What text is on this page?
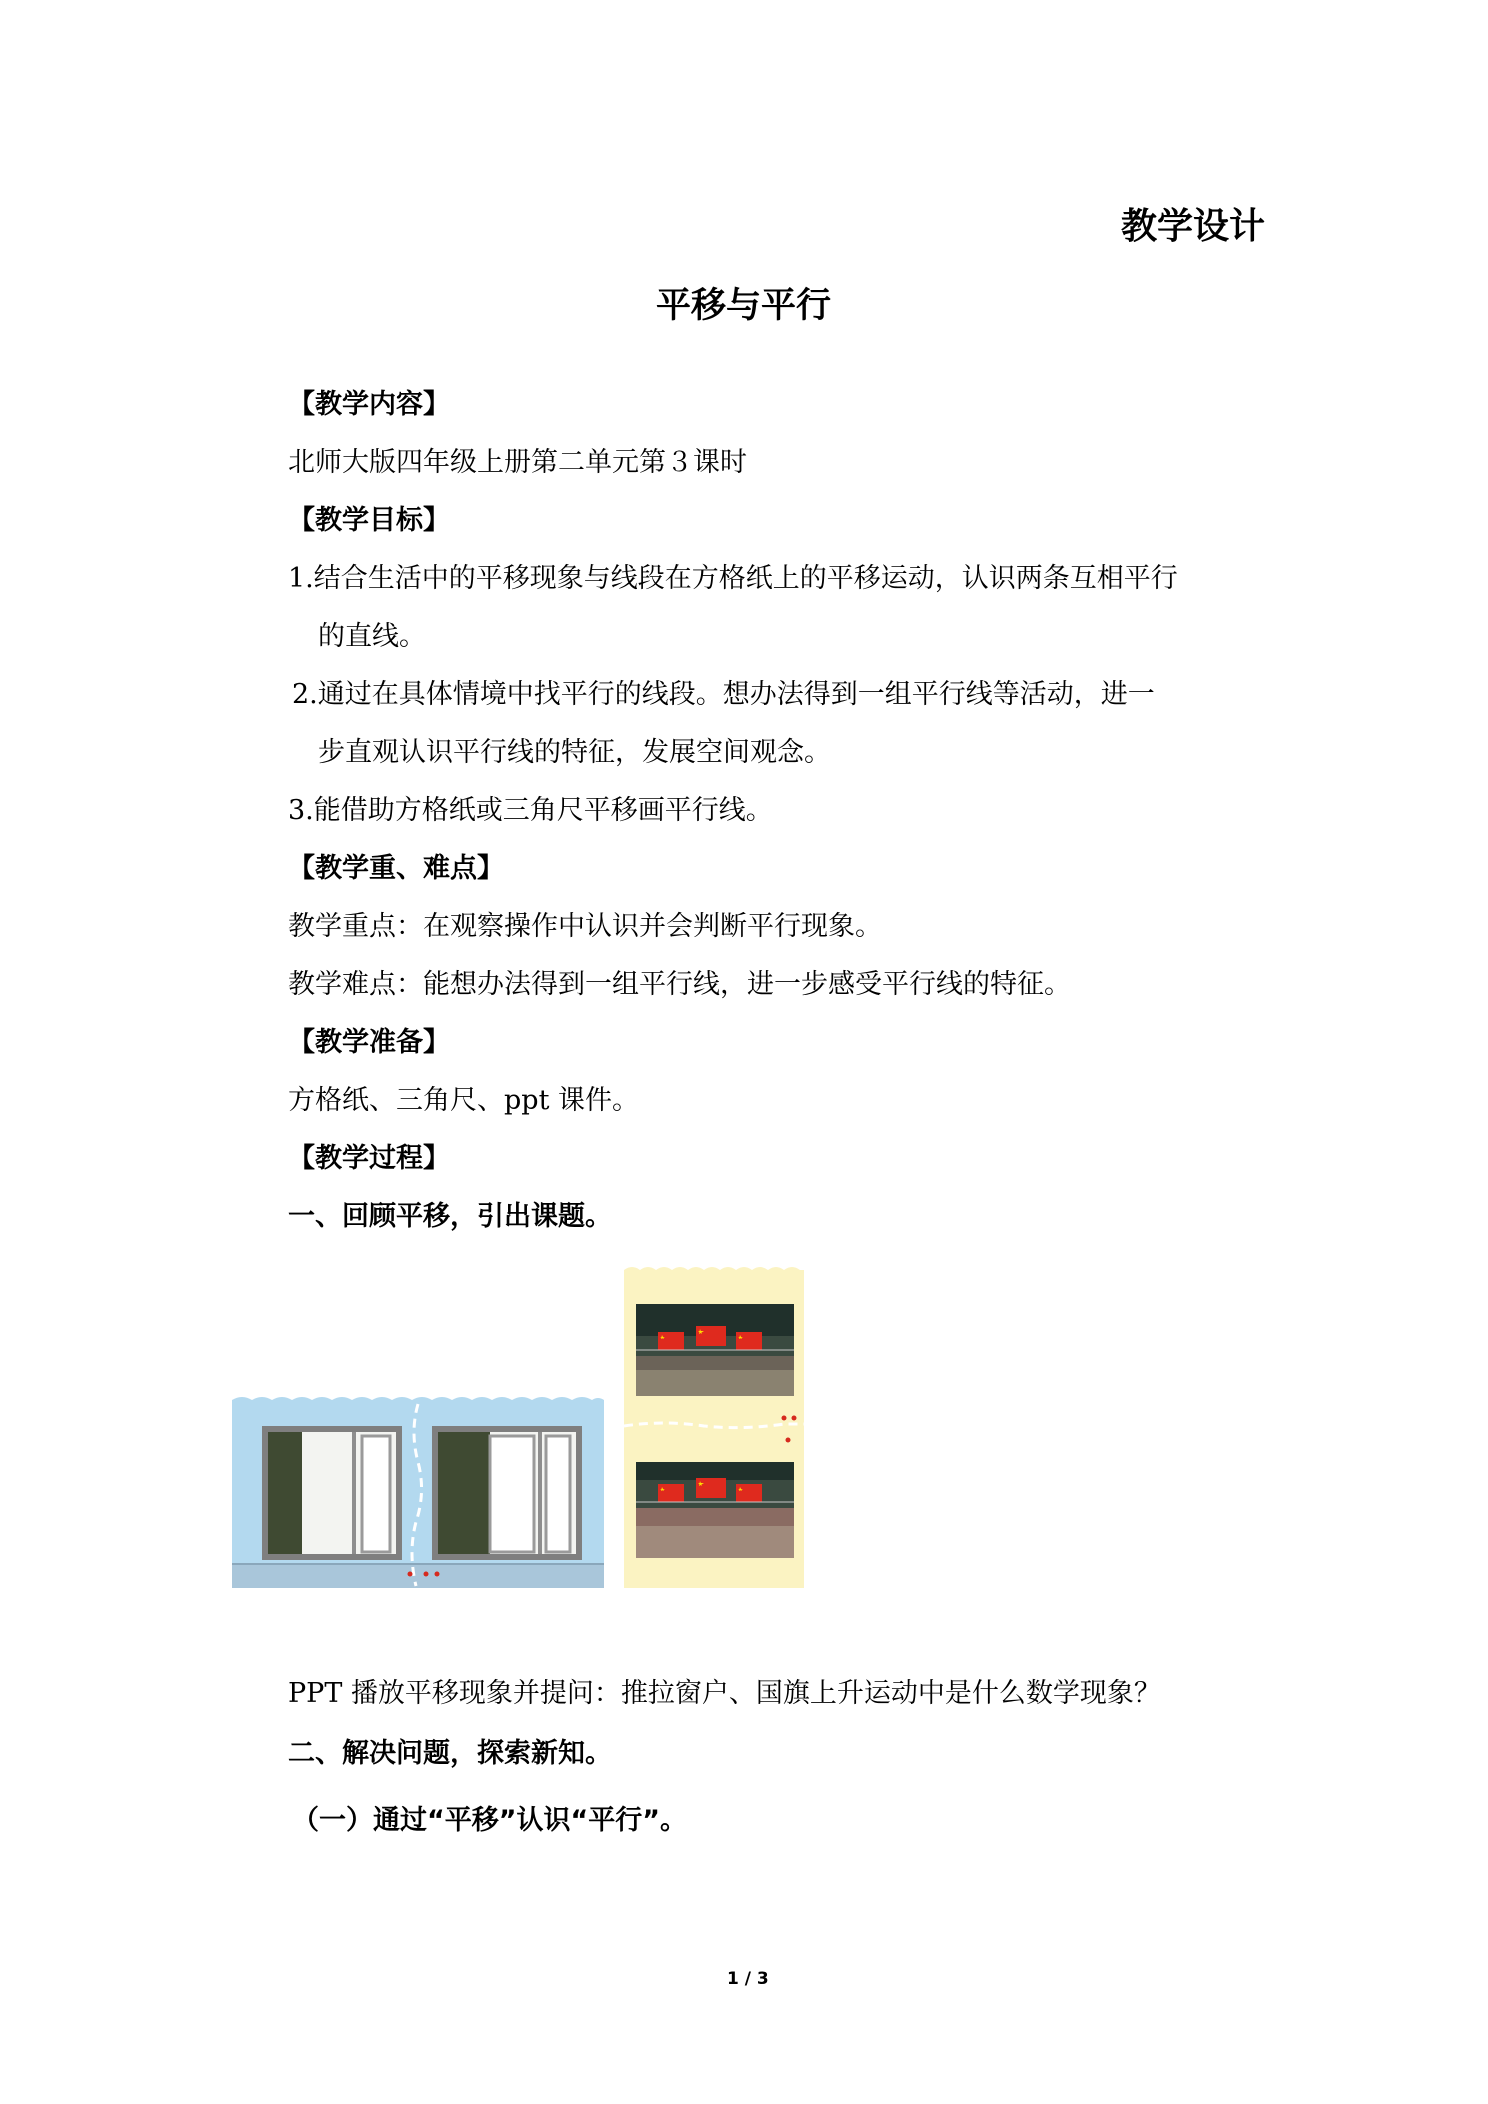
教学设计
平移与平行
【教学内容】
北师大版四年级上册第二单元第３课时
【教学目标】
1.结合生活中的平移现象与线段在方格纸上的平移运动，认识两条互相平行
的直线。
2.通过在具体情境中找平行的线段。想办法得到一组平行线等活动，进一
步直观认识平行线的特征，发展空间观念。
3.能借助方格纸或三角尺平移画平行线。
【教学重、难点】
教学重点：在观察操作中认识并会判断平行现象。
教学难点：能想办法得到一组平行线，进一步感受平行线的特征。
【教学准备】
方格纸、三角尺、ppt 课件。
【教学过程】
一、回顾平移，引出课题。
PPT 播放平移现象并提问：推拉窗户、国旗上升运动中是什么数学现象？
二、解决问题，探索新知。
（一）通过“平移”认识“平行”。
1 / 3
